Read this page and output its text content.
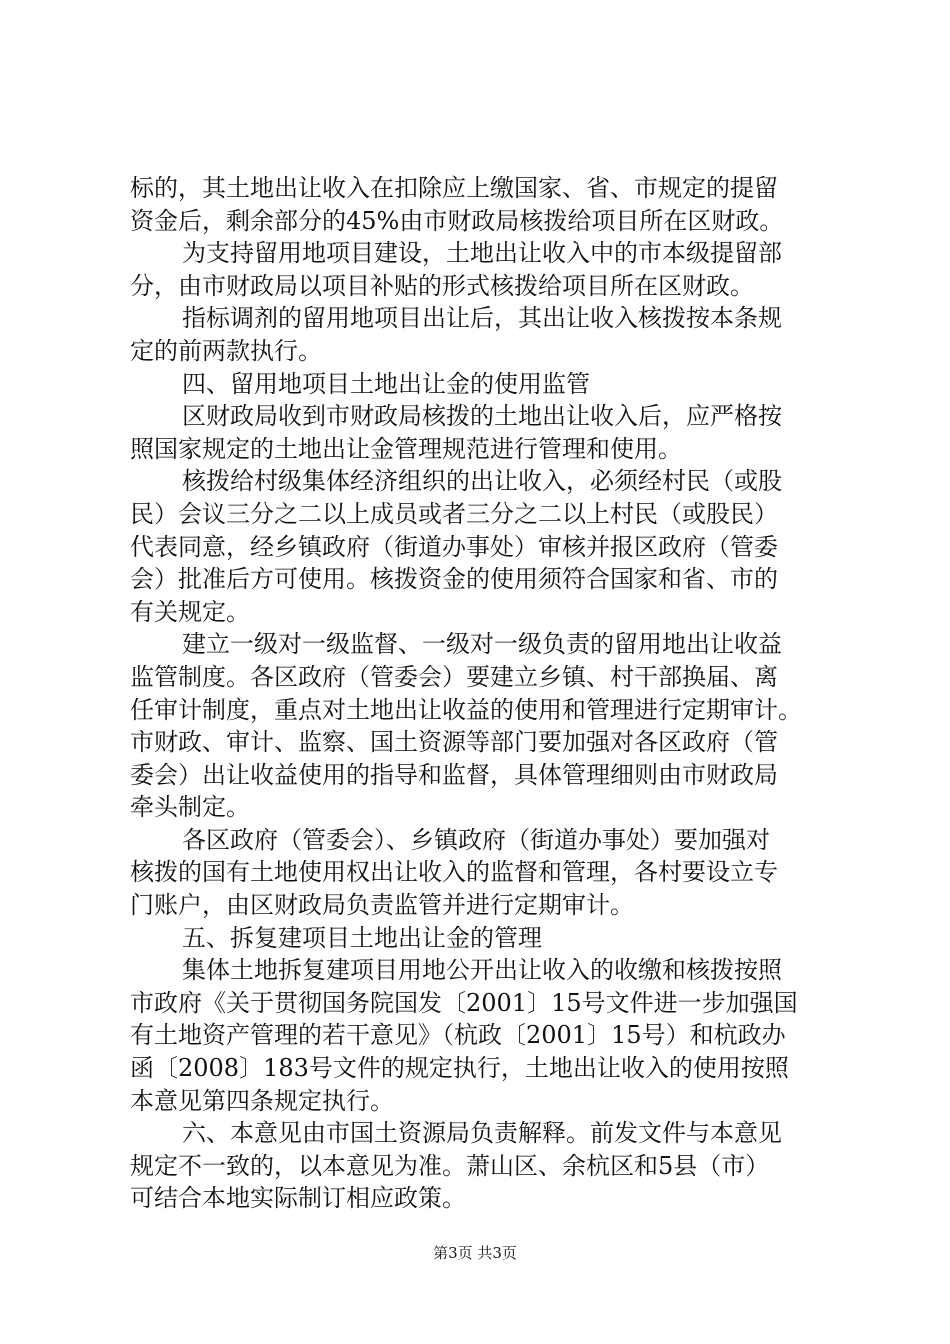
标的，其土地出让收入在扣除应上缴国家、省、市规定的提留
资金后，剩余部分的45%由市财政局核拨给项目所在区财政。
为支持留用地项目建设，土地出让收入中的市本级提留部
分，由市财政局以项目补贴的形式核拨给项目所在区财政。
指标调剂的留用地项目出让后，其出让收入核拨按本条规
定的前两款执行。
四、留用地项目土地出让金的使用监管
区财政局收到市财政局核拨的土地出让收入后，应严格按
照国家规定的土地出让金管理规范进行管理和使用。
核拨给村级集体经济组织的出让收入，必须经村民（或股
民）会议三分之二以上成员或者三分之二以上村民（或股民）
代表同意，经乡镇政府（街道办事处）审核并报区政府（管委
会）批准后方可使用。核拨资金的使用须符合国家和省、市的
有关规定。
建立一级对一级监督、一级对一级负责的留用地出让收益
监管制度。各区政府（管委会）要建立乡镇、村干部换届、离
任审计制度，重点对土地出让收益的使用和管理进行定期审计。
市财政、审计、监察、国土资源等部门要加强对各区政府（管
委会）出让收益使用的指导和监督，具体管理细则由市财政局
牵头制定。
各区政府（管委会）、乡镇政府（街道办事处）要加强对
核拨的国有土地使用权出让收入的监督和管理，各村要设立专
门账户，由区财政局负责监管并进行定期审计。
五、拆复建项目土地出让金的管理
集体土地拆复建项目用地公开出让收入的收缴和核拨按照
市政府《关于贯彻国务院国发〔2001〕15号文件进一步加强国
有土地资产管理的若干意见》（杭政〔2001〕15号）和杭政办
函〔2008〕183号文件的规定执行，土地出让收入的使用按照
本意见第四条规定执行。
六、本意见由市国土资源局负责解释。前发文件与本意见
规定不一致的，以本意见为准。萧山区、余杭区和5县（市）
可结合本地实际制订相应政策。
第3页 共3页
